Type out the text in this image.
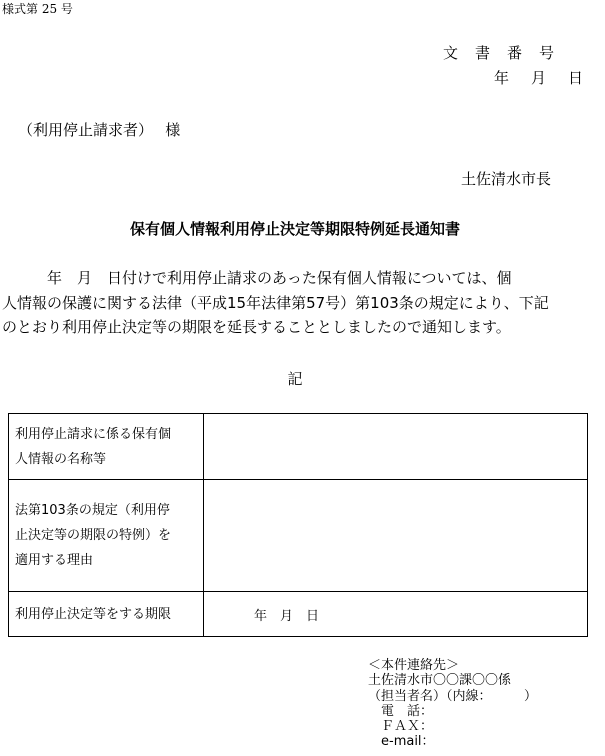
様式第 25 号
文書番号
年月日
（利用停止請求者）　 様
土佐清水市長
保有個人情報利用停止決定等期限特例延長通知書
　　　年　月　日付けで利用停止請求のあった保有個人情報については、個
人情報の保護に関する法律（平成15年法律第57号）第103条の規定により、下記
のとおり利用停止決定等の期限を延長することとしましたので通知します。
記
利用停止請求に係る保有個
人情報の名称等	

法第103条の規定（利用停
止決定等の期限の特例）を
適用する理由	

利用停止決定等をする期限	年　月　日
＜本件連絡先＞
土佐清水市〇〇課〇〇係
（担当者名）（内線：　　　）
　電　話：
　ＦＡＸ：
　e-mail：
